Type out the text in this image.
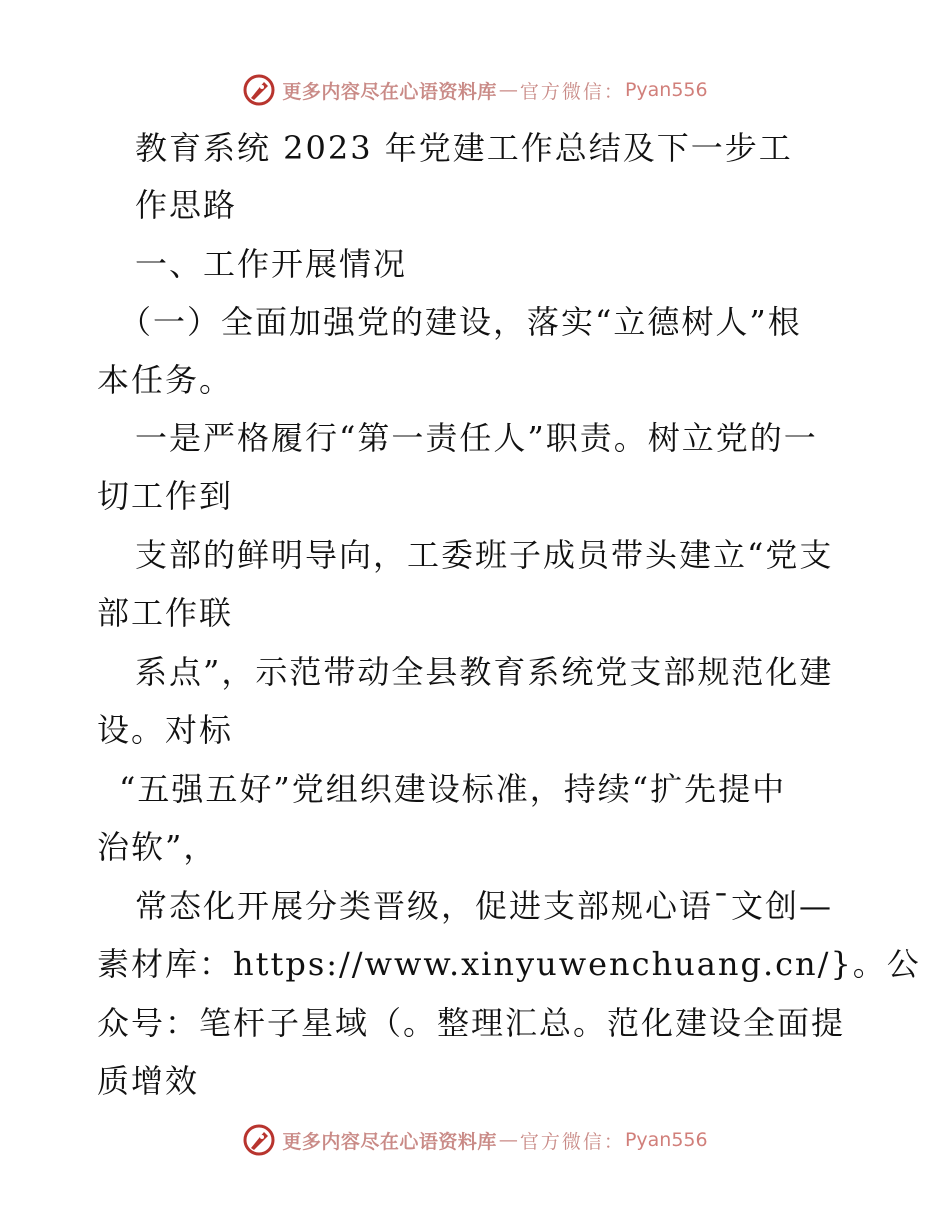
更多内容尽在心语资料库 — 官方微信： Pyan556
教育系统 2023 年党建工作总结及下一步工
作思路
一、工作开展情况
（一）全面加强党的建设，落实“立德树人”根
本任务。
一是严格履行“第一责任人”职责。树立党的一
切工作到
支部的鲜明导向，工委班子成员带头建立“党支
部工作联
系点”，示范带动全县教育系统党支部规范化建
设。对标
“五强五好”党组织建设标准，持续“扩先提中
治软”，
常态化开展分类晋级，促进支部规心语¯文创—
素材库：https://www.xinyuwenchuang.cn/}。公
众号：笔杆子星域（。整理汇总。范化建设全面提
质增效
更多内容尽在心语资料库 — 官方微信： Pyan556
